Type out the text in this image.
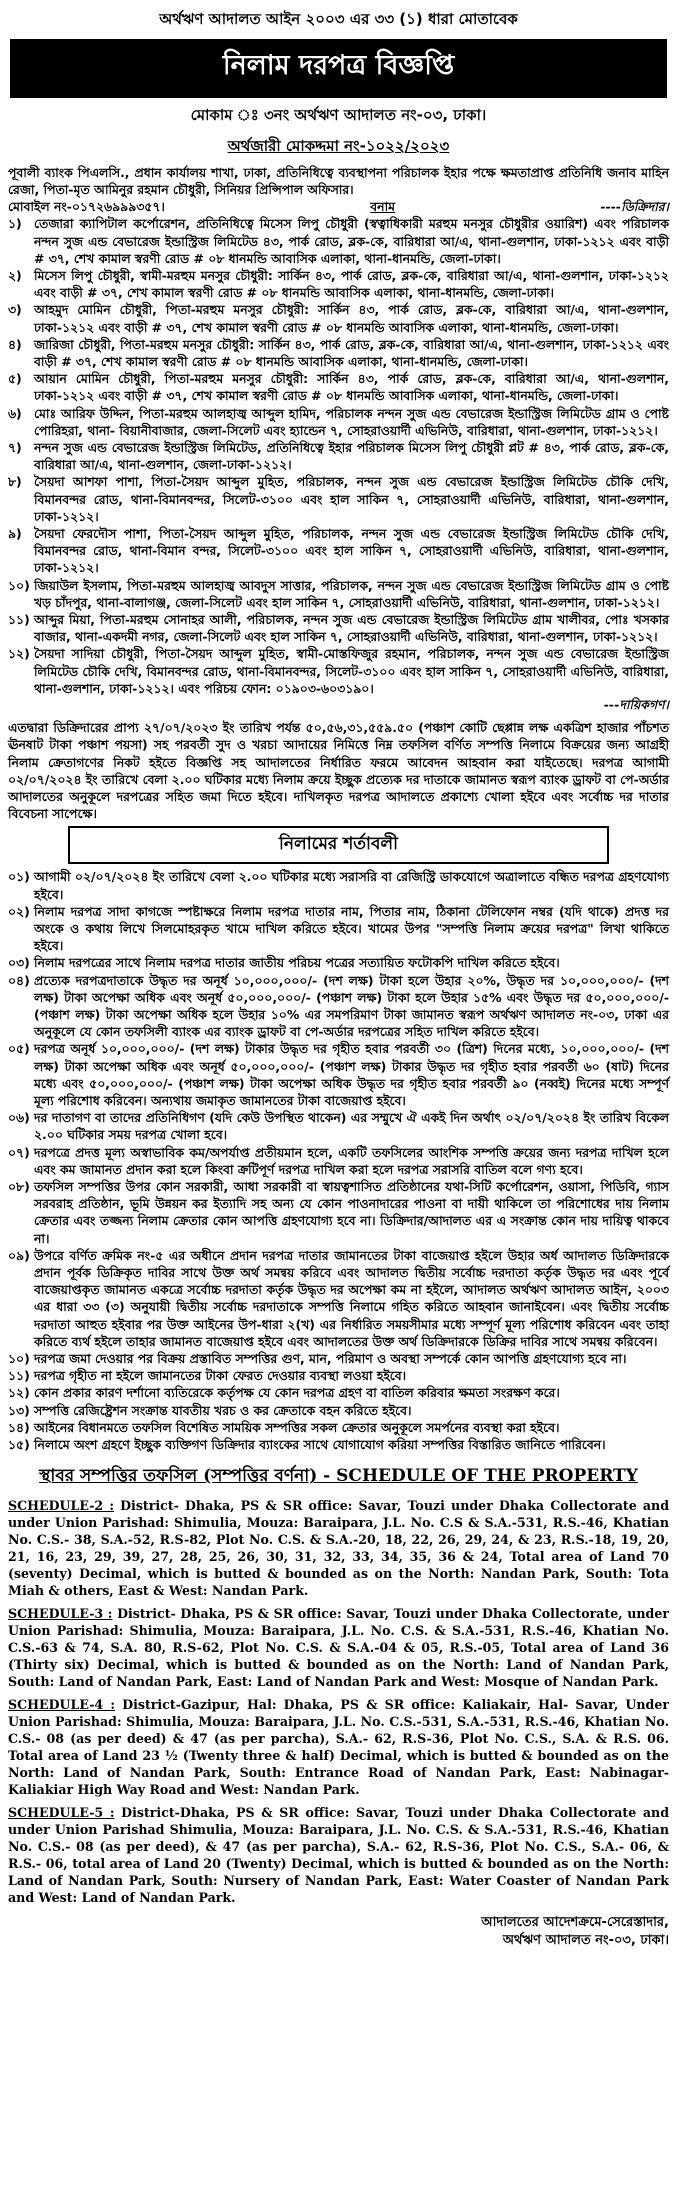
অর্থঋণ আদালত আইন ২০০৩ এর ৩৩ (১) ধারা মোতাবেক
নিলাম দরপত্র বিজ্ঞপ্তি
মোকাম ঃ ৩নং অর্থঋণ আদালত নং-০৩, ঢাকা।
অর্থজারী মোকদ্দমা নং-১০২২/২০২৩
পূবালী ব্যাংক পিএলসি., প্রধান কার্যালয় শাখা, ঢাকা, প্রতিনিধিত্বে ব্যবস্থাপনা পরিচালক ইহার পক্ষে ক্ষমতাপ্রাপ্ত প্রতিনিধি জনাব মাহিন রেজা, পিতা-মৃত আমিনুর রহমান চৌধুরী, সিনিয়র প্রিন্সিপাল অফিসার।
মোবাইল নং-০১৭২৬৯৯৯৩৫৭।	বনাম	----ডিক্রিদার।
১) তেজারা ক্যাপিটাল কর্পোরেশন, প্রতিনিধিত্বে মিসেস লিপু চৌধুরী (স্বত্বাধিকারী মরহুম মনসুর চৌধুরীর ওয়ারিশ) এবং পরিচালক নন্দন সুজ এন্ড বেভারেজ ইন্ডাস্ট্রিজ লিমিটেড ৪৩, পার্ক রোড, ব্লক-কে, বারিধারা আ/এ, থানা-গুলশান, ঢাকা-১২১২ এবং বাড়ী # ৩৭, শেখ কামাল স্বরণী রোড # ০৮ ধানমন্ডি আবাসিক এলাকা, থানা-ধানমন্ডি, জেলা-ঢাকা।
২) মিসেস লিপু চৌধুরী, স্বামী-মরহুম মনসুর চৌধুরী: সার্কিন ৪৩, পার্ক রোড, ব্লক-কে, বারিধারা আ/এ, থানা-গুলশান, ঢাকা-১২১২ এবং বাড়ী # ৩৭, শেখ কামাল স্বরণী রোড # ০৮ ধানমন্ডি আবাসিক এলাকা, থানা-ধানমন্ডি, জেলা-ঢাকা।
৩) আহমুদ মোমিন চৌধুরী, পিতা-মরহুম মনসুর চৌধুরী: সার্কিন ৪৩, পার্ক রোড, ব্লক-কে, বারিধারা আ/এ, থানা-গুলশান, ঢাকা-১২১২ এবং বাড়ী # ৩৭, শেখ কামাল স্বরণী রোড # ০৮ ধানমন্ডি আবাসিক এলাকা, থানা-ধানমন্ডি, জেলা-ঢাকা।
৪) জারিজা চৌধুরী, পিতা-মরহুম মনসুর চৌধুরী: সার্কিন ৪৩, পার্ক রোড, ব্লক-কে, বারিধারা আ/এ, থানা-গুলশান, ঢাকা-১২১২ এবং বাড়ী # ৩৭, শেখ কামাল স্বরণী রোড # ০৮ ধানমন্ডি আবাসিক এলাকা, থানা-ধানমন্ডি, জেলা-ঢাকা।
৫) আয়ান মোমিন চৌধুরী, পিতা-মরহুম মনসুর চৌধুরী: সার্কিন ৪৩, পার্ক রোড, ব্লক-কে, বারিধারা আ/এ, থানা-গুলশান, ঢাকা-১২১২ এবং বাড়ী # ৩৭, শেখ কামাল স্বরণী রোড # ০৮ ধানমন্ডি আবাসিক এলাকা, থানা-ধানমন্ডি, জেলা-ঢাকা।
৬) মোঃ আরিফ উদ্দিন, পিতা-মরহুম আলহাজ্ব আব্দুল হামিদ, পরিচালক নন্দন সুজ এন্ড বেভারেজ ইন্ডাস্ট্রিজ লিমিটেড গ্রাম ও পোষ্ট পোরিহরা, থানা- বিয়ানীবাজার, জেলা-সিলেট এবং হ্যান্ডেন ৭, সোহরাওয়ার্দী এভিনিউ, বারিধারা, থানা-গুলশান, ঢাকা-১২১২।
৭) নন্দন সুজ এন্ড বেভারেজ ইন্ডাস্ট্রিজ লিমিটেড, প্রতিনিধিত্বে ইহার পরিচালক মিসেস লিপু চৌধুরী প্লট # ৪৩, পার্ক রোড, ব্লক-কে, বারিধারা আ/এ, থানা-গুলশান, জেলা-ঢাকা-১২১২।
৮) সৈয়দা আশফা পাশা, পিতা-সৈয়দ আব্দুল মুহিত, পরিচালক, নন্দন সুজ এন্ড বেভারেজ ইন্ডাস্ট্রিজ লিমিটেড চৌকি দেখি, বিমানবন্দর রোড, থানা-বিমানবন্দর, সিলেট-৩১০০ এবং হাল সাকিন ৭, সোহরাওয়ার্দী এভিনিউ, বারিধারা, থানা-গুলশান, ঢাকা-১২১২।
৯) সৈয়দা ফেরদৌস পাশা, পিতা-সৈয়দ আব্দুল মুহিত, পরিচালক, নন্দন সুজ এন্ড বেভারেজ ইন্ডাস্ট্রিজ লিমিটেড চৌকি দেখি, বিমানবন্দর রোড, থানা-বিমান বন্দর, সিলেট-৩১০০ এবং হাল সাকিন ৭, সোহরাওয়ার্দী এভিনিউ, বারিধারা, থানা-গুলশান, ঢাকা-১২১২।
১০) জিয়াউল ইসলাম, পিতা-মরহুম আলহাজ্ব আবদুস সাত্তার, পরিচালক, নন্দন সুজ এন্ড বেভারেজ ইন্ডাস্ট্রিজ লিমিটেড গ্রাম ও পোষ্ট খড় চাঁদপুর, থানা-বালাগঞ্জ, জেলা-সিলেট এবং হাল সাকিন ৭, সোহরাওয়ার্দী এভিনিউ, বারিধারা, থানা-গুলশান, ঢাকা-১২১২।
১১) আব্দুর মিয়া, পিতা-মরহুম সোনাহর আলী, পরিচালক, নন্দন সুজ এন্ড বেভারেজ ইন্ডাস্ট্রিজ লিমিটেড গ্রাম খালীবর, পোঃ খসকার বাজার, থানা-একদমী নগর, জেলা-সিলেট এবং হাল সাকিন ৭, সোহরাওয়ার্দী এভিনিউ, বারিধারা, থানা-গুলশান, ঢাকা-১২১২।
১২) সৈয়দা সাদিয়া চৌধুরী, পিতা-সৈয়দ আব্দুল মুহিত, স্বামী-মোস্তফিজুর রহমান, পরিচালক, নন্দন সুজ এন্ড বেভারেজ ইন্ডাস্ট্রিজ লিমিটেড চৌকি দেখি, বিমানবন্দর রোড, থানা-বিমানবন্দর, সিলেট-৩১০০ এবং হাল সাকিন ৭, সোহরাওয়ার্দী এভিনিউ, বারিধারা, থানা-গুলশান, ঢাকা-১২১২। এবং পরিচয় ফোন: ০১৯০৩-৬০৩১৯০।
---দায়িকগণ।
এতদ্বারা ডিক্রিদারের প্রাপ্য ২৭/০৭/২০২৩ ইং তারিখ পর্যন্ত ৫০,৫৬,৩১,৫৫৯.৫০ (পঞ্চাশ কোটি ছেপ্পান্ন লক্ষ একত্রিশ হাজার পাঁচশত ঊনষাট টাকা পঞ্চাশ পয়সা) সহ পরবর্তী সুদ ও খরচা আদায়ের নিমিত্তে নিম্ন তফসিল বর্ণিত সম্পত্তি নিলামে বিক্রয়ের জন্য আগ্রহী নিলাম ক্রেতাগণের নিকট হইতে বিজ্ঞপ্তি সহ আদালতের নির্ধারিত ফরমে আবেদন আহবান করা যাইতেছে। দরপত্র আগামী ০২/০৭/২০২৪ ইং তারিখে বেলা ২.০০ ঘটিকার মধ্যে নিলাম ক্রয়ে ইচ্ছুক প্রত্যেক দর দাতাকে জামানত স্বরূপ ব্যাংক ড্রাফট বা পে-অর্ডার আদালতের অনুকূলে দরপত্রের সহিত জমা দিতে হইবে। দাখিলকৃত দরপত্র আদালতে প্রকাশ্যে খোলা হইবে এবং সর্বোচ্চ দর দাতার বিবেচনা সাপেক্ষে।
নিলামের শর্তাবলী
০১) আগামী ০২/০৭/২০২৪ ইং তারিখে বেলা ২.০০ ঘটিকার মধ্যে সরাসরি বা রেজিস্ট্রি ডাকযোগে অত্রালাতে বন্ধিত দরপত্র গ্রহণযোগ্য হইবে।
০২) নিলাম দরপত্র সাদা কাগজে স্পষ্টাক্ষরে নিলাম দরপত্র দাতার নাম, পিতার নাম, ঠিকানা টেলিফোন নম্বর (যদি থাকে) প্রদত্ত দর অংকে ও কথায় লিখে সিলমোহরকৃত খামে দাখিল করিতে হইবে। খামের উপর "সম্পত্তি নিলাম ক্রয়ের দরপত্র" লিখা থাকিতে হইবে।
০৩) নিলাম দরপত্রের সাথে নিলাম দরপত্র দাতার জাতীয় পরিচয় পত্রের সত্যায়িত ফটোকপি দাখিল করিতে হইবে।
০৪) প্রত্যেক দরপত্রদাতাকে উদ্ধৃত দর অনূর্ধ ১০,০০০,০০০/- (দশ লক্ষ) টাকা হলে উহার ২০%, উদ্ধৃত দর ১০,০০০,০০০/- (দশ লক্ষ) টাকা অপেক্ষা অধিক এবং অনূর্ধ ৫০,০০০,০০০/- (পঞ্চাশ লক্ষ) টাকা হলে উহার ১৫% এবং উদ্ধৃত দর ৫০,০০০,০০০/- (পঞ্চাশ লক্ষ) টাকা অপেক্ষা অধিক হলে উহার ১০% এর সমপরিমাণ টাকা জামানত স্বরূপ অর্থঋণ আদালত নং-০৩, ঢাকা এর অনুকূলে যে কোন তফসিলী ব্যাংক এর ব্যাংক ড্রাফট বা পে-অর্ডার দরপত্রের সহিত দাখিল করিতে হইবে।
০৫) দরপত্র অনূর্ধ ১০,০০০,০০০/- (দশ লক্ষ) টাকার উদ্ধৃত দর গৃহীত হবার পরবর্তী ৩০ (ত্রিশ) দিনের মধ্যে, ১০,০০০,০০০/- (দশ লক্ষ) টাকা অপেক্ষা অধিক এবং অনূর্ধ ৫০,০০০,০০০/- (পঞ্চাশ লক্ষ) টাকার উদ্ধৃত দর গৃহীত হবার পরবর্তী ৬০ (ষাট) দিনের মধ্যে এবং ৫০,০০০,০০০/- (পঞ্চাশ লক্ষ) টাকা অপেক্ষা অধিক উদ্ধৃত দর গৃহীত হবার পরবর্তী ৯০ (নব্বই) দিনের মধ্যে সম্পূর্ণ মূল্য পরিশোধ করিবেন। অন্যথায় জমাকৃত জামানতের টাকা বাজেয়াপ্ত হইবে।
০৬) দর দাতাগণ বা তাদের প্রতিনিধিগণ (যদি কেউ উপস্থিত থাকেন) এর সম্মুখে ঐ একই দিন অর্থাৎ ০২/০৭/২০২৪ ইং তারিখ বিকেল ২.০০ ঘটিকার সময় দরপত্র খোলা হবে।
০৭) দরপত্রে প্রদত্ত মূল্য অস্বাভাবিক কম/অপর্যাপ্ত প্রতীয়মান হলে, একটি তফসিলের আংশিক সম্পত্তি ক্রয়ের জন্য দরপত্র দাখিল হলে এবং কম জামানত প্রদান করা হলে কিংবা ক্রটিপূর্ণ দরপত্র দাখিল করা হলে দরপত্র সরাসরি বাতিল বলে গণ্য হবে।
০৮) তফসিল সম্পত্তির উপর কোন সরকারী, আধা সরকারী বা স্বায়ত্বশাসিত প্রতিষ্ঠানের যথা-সিটি কর্পোরেশন, ওয়াসা, পিডিবি, গ্যাস সরবরাহ প্রতিষ্ঠান, ভূমি উন্নয়ন কর ইত্যাদি সহ অন্য যে কোন পাওনাদারের পাওনা বা দায়ী থাকিলে তা পরিশোধের দায় নিলাম ক্রেতার এবং তজ্জন্য নিলাম ক্রেতার কোন আপত্তি গ্রহণযোগ্য হবে না। ডিক্রিদার/আদালত এর এ সংক্রান্ত কোন দায় দায়িত্ব থাকবে না।
০৯) উপরে বর্ণিত ক্রমিক নং-৫ এর অধীনে প্রদান দরপত্র দাতার জামানতের টাকা বাজেয়াপ্ত হইলে উহার অর্ধ আদালত ডিক্রিদারকে প্রদান পূর্বক ডিক্রিকৃত দাবির সাথে উক্ত অর্থ সমন্বয় করিবে এবং আদালত দ্বিতীয় সর্বোচ্চ দরদাতা কর্তৃক উদ্ধৃত দর এবং পূর্বে বাজেয়াপ্তকৃত জামানত একত্রে সর্বোচ্চ দরদাতা কর্তৃক উদ্ধৃত দর অপেক্ষা কম না হইলে, আদালত অর্থঋণ আদালত আইন, ২০০৩ এর ধারা ৩৩ (৩) অনুযায়ী দ্বিতীয় সর্বোচ্চ দরদাতাকে সম্পত্তি নিলামে গহিত করিতে আহবান জানাইবেন। এবং দ্বিতীয় সর্বোচ্চ দরদাতা আহুত হইবার পর উক্ত আইনের উপ-ধারা ২(খ) এর নির্ধারিত সময়সীমার মধ্যে সম্পূর্ণ মূল্য পরিশোধ করিবেন এবং তাহা করিতে ব্যর্থ হইলে তাহার জামানত বাজেয়াপ্ত হইবে এবং আদালতের উক্ত অর্থ ডিক্রিদারকে ডিক্রির দাবির সাথে সমন্বয় করিবেন।
১০) দরপত্র জমা দেওয়ার পর বিক্রয় প্রস্তাবিত সম্পত্তির গুণ, মান, পরিমাণ ও অবস্থা সম্পর্কে কোন আপত্তি গ্রহণযোগ্য হবে না।
১১) দরপত্র গৃহীত না হইলে জামানতের টাকা ফেরত দেওয়ার ব্যবস্থা লওয়া হইবে।
১২) কোন প্রকার কারণ দর্শানো ব্যতিরেকে কর্তৃপক্ষ যে কোন দরপত্র গ্রহণ বা বাতিল করিবার ক্ষমতা সংরক্ষণ করে।
১৩) সম্পত্তি রেজিষ্ট্রেশন সংক্রান্ত যাবতীয় খরচ ও কর ক্রেতাকে বহন করিতে হইবে।
১৪) আইনের বিধানমতে তফসিল বিশেষিত সাময়িক সম্পত্তির সকল ক্রেতার অনুকূলে সমর্পনের ব্যবস্থা করা হইবে।
১৫) নিলামে অংশ গ্রহণে ইচ্ছুক ব্যক্তিগণ ডিক্রিদার ব্যাংকের সাথে যোগাযোগ করিয়া সম্পত্তির বিস্তারিত জানিতে পারিবেন।
স্থাবর সম্পত্তির তফসিল (সম্পত্তির বর্ণনা) - SCHEDULE OF THE PROPERTY
SCHEDULE-2 : District- Dhaka, PS & SR office: Savar, Touzi under Dhaka Collectorate and under Union Parishad: Shimulia, Mouza: Baraipara, J.L. No. C.S & S.A.-531, R.S.-46, Khatian No. C.S.- 38, S.A.-52, R.S-82, Plot No. C.S. & S.A.-20, 18, 22, 26, 29, 24, & 23, R.S.-18, 19, 20, 21, 16, 23, 29, 39, 27, 28, 25, 26, 30, 31, 32, 33, 34, 35, 36 & 24, Total area of Land 70 (seventy) Decimal, which is butted & bounded as on the North: Nandan Park, South: Tota Miah & others, East & West: Nandan Park.
SCHEDULE-3 : District- Dhaka, PS & SR office: Savar, Touzi under Dhaka Collectorate, under Union Parishad: Shimulia, Mouza: Baraipara, J.L. No. C.S. & S.A.-531, R.S.-46, Khatian No. C.S.-63 & 74, S.A. 80, R.S-62, Plot No. C.S. & S.A.-04 & 05, R.S.-05, Total area of Land 36 (Thirty six) Decimal, which is butted & bounded as on the North: Land of Nandan Park, South: Land of Nandan Park, East: Land of Nandan Park and West: Mosque of Nandan Park.
SCHEDULE-4 : District-Gazipur, Hal: Dhaka, PS & SR office: Kaliakair, Hal- Savar, Under Union Parishad: Shimulia, Mouza: Baraipara, J.L. No. C.S.-531, S.A.-531, R.S.-46, Khatian No. C.S.- 08 (as per deed) & 47 (as per parcha), S.A.- 62, R.S-36, Plot No. C.S., S.A. & R.S. 06. Total area of Land 23 ½ (Twenty three & half) Decimal, which is butted & bounded as on the North: Land of Nandan Park, South: Entrance Road of Nandan Park, East: Nabinagar- Kaliakiar High Way Road and West: Nandan Park.
SCHEDULE-5 : District-Dhaka, PS & SR office: Savar, Touzi under Dhaka Collectorate and under Union Parishad Shimulia, Mouza: Baraipara, J.L. No. C.S. & S.A.-531, R.S.-46, Khatian No. C.S.- 08 (as per deed), & 47 (as per parcha), S.A.- 62, R.S-36, Plot No. C.S., S.A.- 06, & R.S.- 06, total area of Land 20 (Twenty) Decimal, which is butted & bounded as on the North: Land of Nandan Park, South: Nursery of Nandan Park, East: Water Coaster of Nandan Park and West: Land of Nandan Park.
আদালতের আদেশক্রমে-সেরেস্তাদার,
অর্থঋণ আদালত নং-০৩, ঢাকা।
